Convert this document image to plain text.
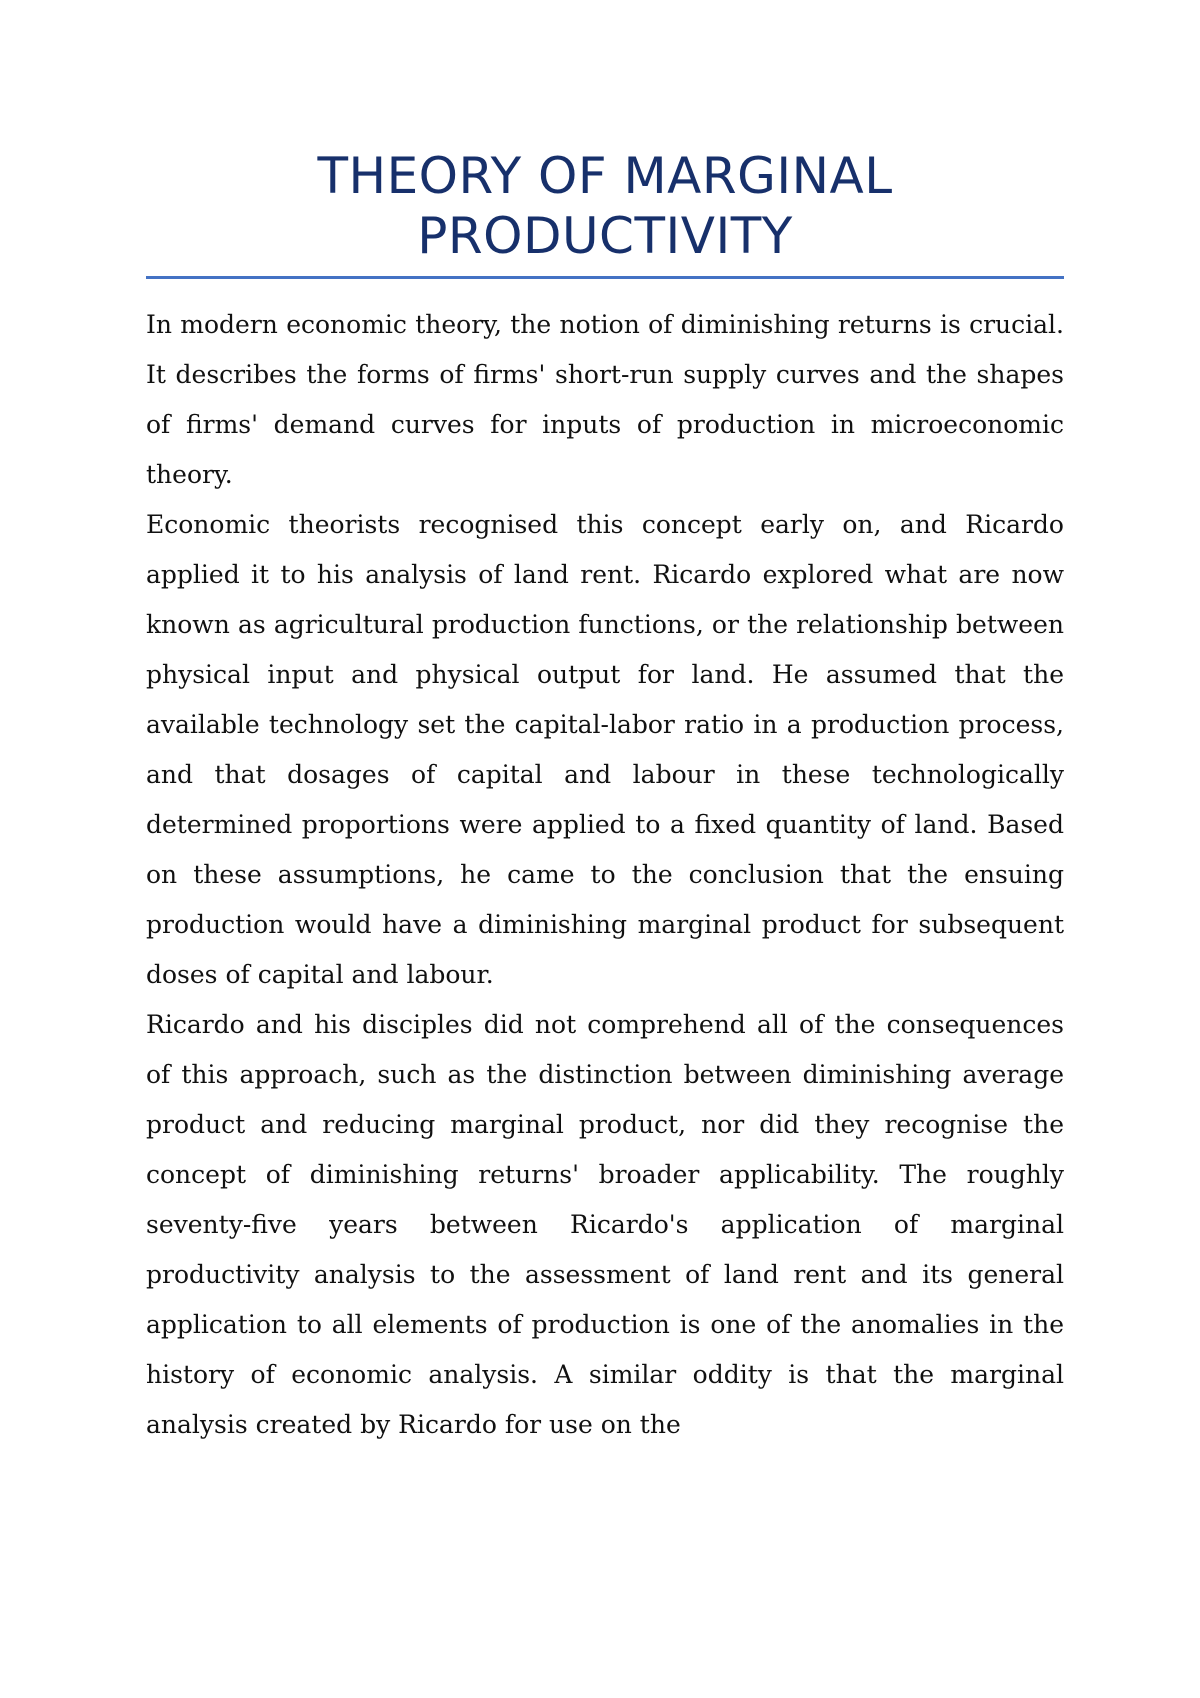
THEORY OF MARGINAL PRODUCTIVITY

In modern economic theory, the notion of diminishing returns is crucial. It describes the forms of firms' short-run supply curves and the shapes of firms' demand curves for inputs of production in microeconomic theory.

Economic theorists recognised this concept early on, and Ricardo applied it to his analysis of land rent. Ricardo explored what are now known as agricultural production functions, or the relationship between physical input and physical output for land. He assumed that the available technology set the capital-labor ratio in a production process, and that dosages of capital and labour in these technologically determined proportions were applied to a fixed quantity of land. Based on these assumptions, he came to the conclusion that the ensuing production would have a diminishing marginal product for subsequent doses of capital and labour.

Ricardo and his disciples did not comprehend all of the consequences of this approach, such as the distinction between diminishing average product and reducing marginal product, nor did they recognise the concept of diminishing returns' broader applicability. The roughly seventy-five years between Ricardo's application of marginal productivity analysis to the assessment of land rent and its general application to all elements of production is one of the anomalies in the history of economic analysis. A similar oddity is that the marginal analysis created by Ricardo for use on the
